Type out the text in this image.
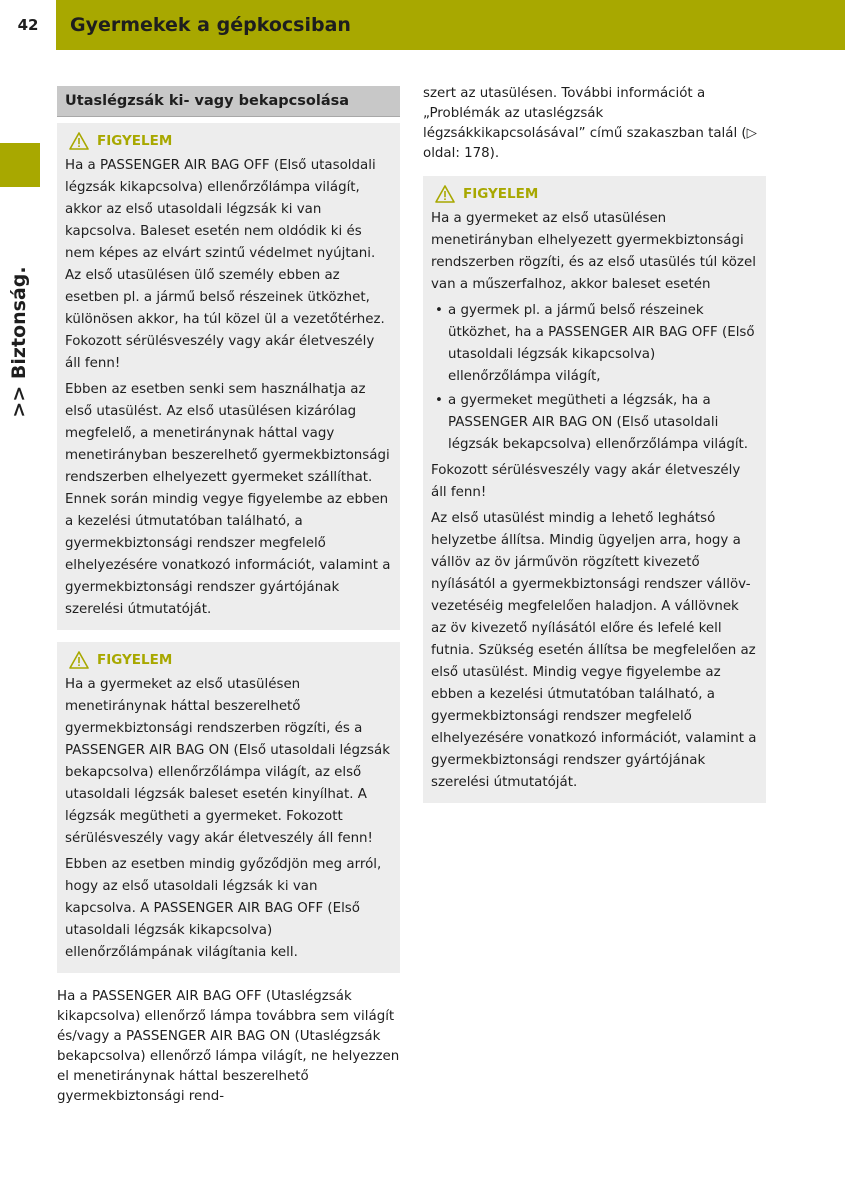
42	Gyermekek a gépkocsiban
>> Biztonság.
Utaslégzsák ki- vagy bekapcsolása
FIGYELEM

Ha a PASSENGER AIR BAG OFF (Első utasoldali légzsák kikapcsolva) ellenőrzőlámpa világít, akkor az első utasoldali légzsák ki van kapcsolva. Baleset esetén nem oldódik ki és nem képes az elvárt szintű védelmet nyújtani. Az első utasülésen ülő személy ebben az esetben pl. a jármű belső részeinek ütközhet, különösen akkor, ha túl közel ül a vezetőtérhez. Fokozott sérülésveszély vagy akár életveszély áll fenn!

Ebben az esetben senki sem használhatja az első utasülést. Az első utasülésen kizárólag megfelelő, a menetiránynak háttal vagy menetirányban beszerelhető gyermekbiztonsági rendszerben elhelyezett gyermeket szállíthat. Ennek során mindig vegye figyelembe az ebben a kezelési útmutatóban található, a gyermekbiztonsági rendszer megfelelő elhelyezésére vonatkozó információt, valamint a gyermekbiztonsági rendszer gyártójának szerelési útmutatóját.

FIGYELEM

Ha a gyermeket az első utasülésen menetiránynak háttal beszerelhető gyermekbiztonsági rendszerben rögzíti, és a PASSENGER AIR BAG ON (Első utasoldali légzsák bekapcsolva) ellenőrzőlámpa világít, az első utasoldali légzsák baleset esetén kinyílhat. A légzsák megütheti a gyermeket. Fokozott sérülésveszély vagy akár életveszély áll fenn!

Ebben az esetben mindig győződjön meg arról, hogy az első utasoldali légzsák ki van kapcsolva. A PASSENGER AIR BAG OFF (Első utasoldali légzsák kikapcsolva) ellenőrzőlámpának világítania kell.

Ha a PASSENGER AIR BAG OFF (Utaslégzsák kikapcsolva) ellenőrző lámpa továbbra sem világít és/vagy a PASSENGER AIR BAG ON (Utaslégzsák bekapcsolva) ellenőrző lámpa világít, ne helyezzen el menetiránynak háttal beszerelhető gyermekbiztonsági rend-

szert az utasülésen. További információt a „Problémák az utaslégzsák légzsákkikapcsolásával” című szakaszban talál (▷ oldal: 178).

FIGYELEM

Ha a gyermeket az első utasülésen menetirányban elhelyezett gyermekbiztonsági rendszerben rögzíti, és az első utasülés túl közel van a műszerfalhoz, akkor baleset esetén

• a gyermek pl. a jármű belső részeinek ütközhet, ha a PASSENGER AIR BAG OFF (Első utasoldali légzsák kikapcsolva) ellenőrzőlámpa világít,
• a gyermeket megütheti a légzsák, ha a PASSENGER AIR BAG ON (Első utasoldali légzsák bekapcsolva) ellenőrzőlámpa világít.

Fokozott sérülésveszély vagy akár életveszély áll fenn!

Az első utasülést mindig a lehető leghátsó helyzetbe állítsa. Mindig ügyeljen arra, hogy a vállöv az öv járművön rögzített kivezető nyílásától a gyermekbiztonsági rendszer vállöv-vezetéséig megfelelően haladjon. A vállövnek az öv kivezető nyílásától előre és lefelé kell futnia. Szükség esetén állítsa be megfelelően az első utasülést. Mindig vegye figyelembe az ebben a kezelési útmutatóban található, a gyermekbiztonsági rendszer megfelelő elhelyezésére vonatkozó információt, valamint a gyermekbiztonsági rendszer gyártójának szerelési útmutatóját.
